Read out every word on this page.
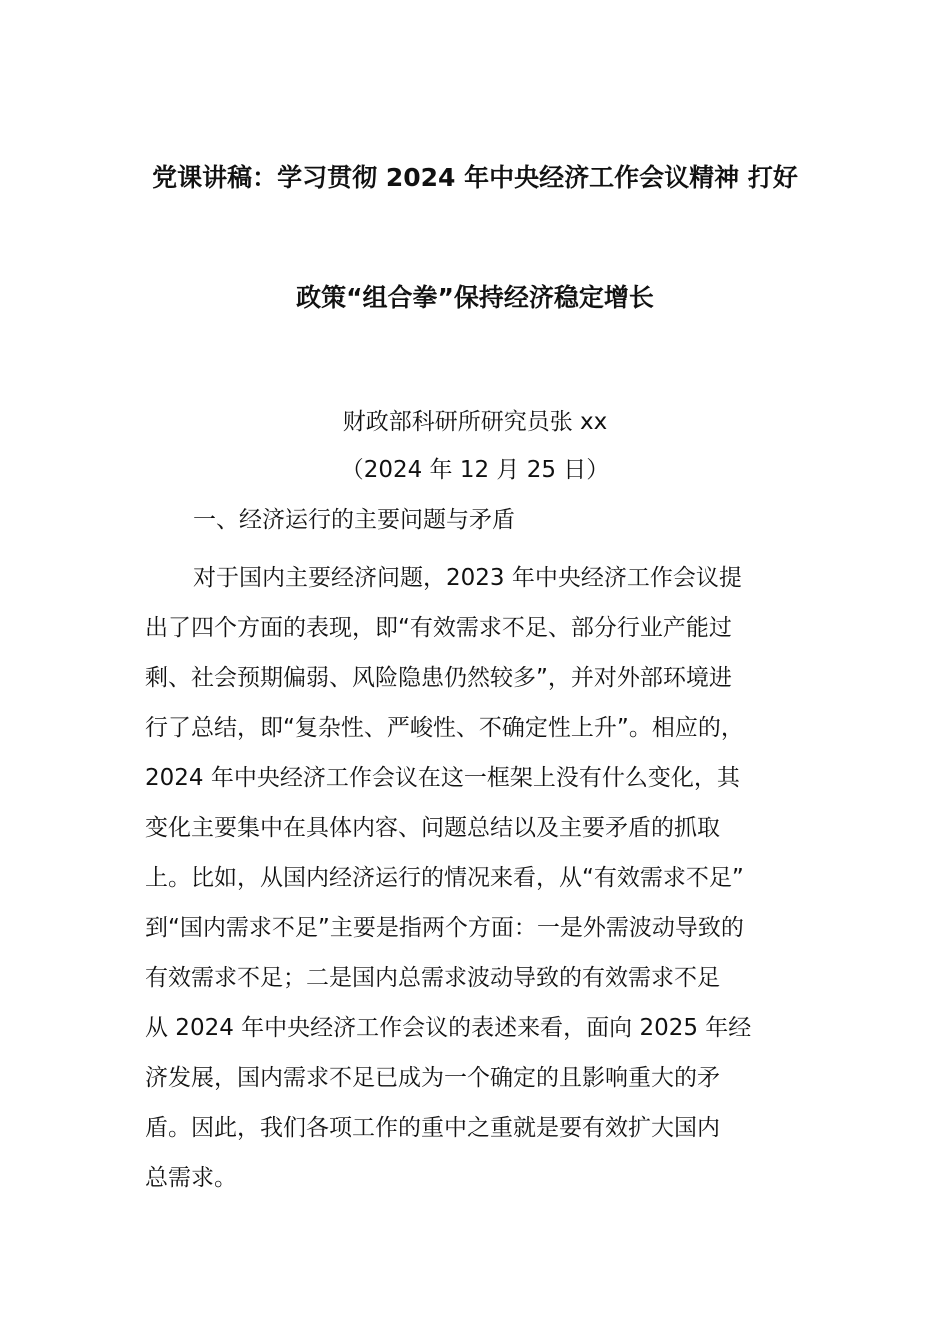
党课讲稿：学习贯彻 2024 年中央经济工作会议精神 打好
政策“组合拳”保持经济稳定增长
财政部科研所研究员张 xx
（2024 年 12 月 25 日）
一、经济运行的主要问题与矛盾
对于国内主要经济问题，2023 年中央经济工作会议提
出了四个方面的表现，即“有效需求不足、部分行业产能过
剩、社会预期偏弱、风险隐患仍然较多”，并对外部环境进
行了总结，即“复杂性、严峻性、不确定性上升”。相应的，
2024 年中央经济工作会议在这一框架上没有什么变化，其
变化主要集中在具体内容、问题总结以及主要矛盾的抓取
上。比如，从国内经济运行的情况来看，从“有效需求不足”
到“国内需求不足”主要是指两个方面：一是外需波动导致的
有效需求不足；二是国内总需求波动导致的有效需求不足
从 2024 年中央经济工作会议的表述来看，面向 2025 年经
济发展，国内需求不足已成为一个确定的且影响重大的矛
盾。因此，我们各项工作的重中之重就是要有效扩大国内
总需求。
